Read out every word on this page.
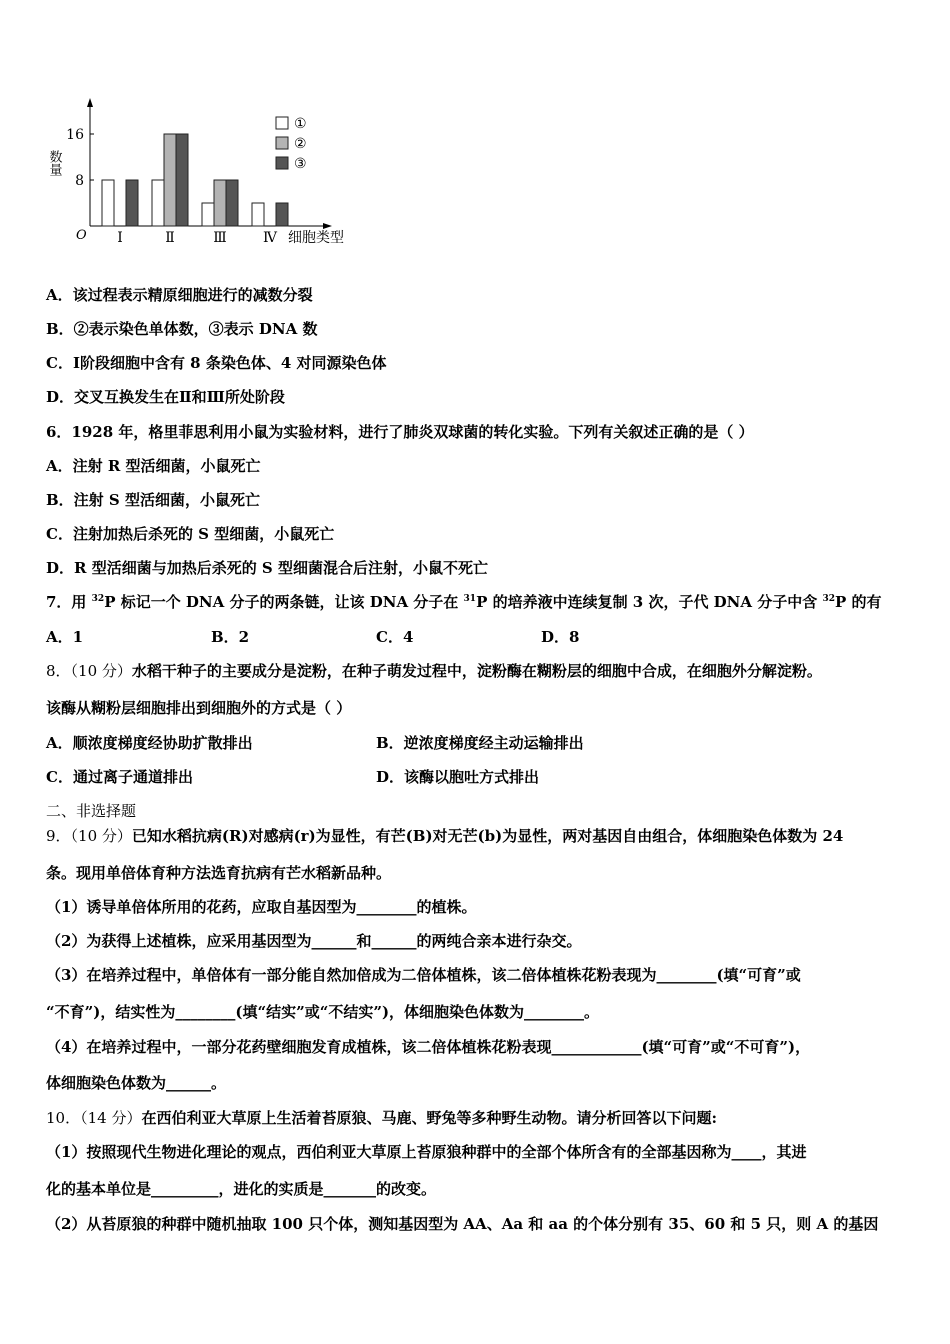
O
8
16
数量
Ⅰ	Ⅱ	Ⅲ	Ⅳ 细胞类型
①
②
③
A．该过程表示精原细胞进行的减数分裂
B．②表示染色单体数，③表示 DNA 数
C．Ⅰ阶段细胞中含有 8 条染色体、4 对同源染色体
D．交叉互换发生在Ⅱ和Ⅲ所处阶段
6．1928 年，格里菲思利用小鼠为实验材料，进行了肺炎双球菌的转化实验。下列有关叙述正确的是（ ）
A．注射 R 型活细菌，小鼠死亡
B．注射 S 型活细菌，小鼠死亡
C．注射加热后杀死的 S 型细菌，小鼠死亡
D．R 型活细菌与加热后杀死的 S 型细菌混合后注射，小鼠不死亡
7．用 $^{32}$P 标记一个 DNA 分子的两条链，让该 DNA 分子在 $^{31}$P 的培养液中连续复制 3 次，子代 DNA 分子中含 $^{32}$P 的有
A．1	B．2	C．4	D．8
8．（10 分）水稻干种子的主要成分是淀粉，在种子萌发过程中，淀粉酶在糊粉层的细胞中合成，在细胞外分解淀粉。
该酶从糊粉层细胞排出到细胞外的方式是（ ）
A．顺浓度梯度经协助扩散排出	B．逆浓度梯度经主动运输排出
C．通过离子通道排出	D．该酶以胞吐方式排出
二、非选择题
9．（10 分）已知水稻抗病(R)对感病(r)为显性，有芒(B)对无芒(b)为显性，两对基因自由组合，体细胞染色体数为 24
条。现用单倍体育种方法选育抗病有芒水稻新品种。
（1）诱导单倍体所用的花药，应取自基因型为________的植株。
（2）为获得上述植株，应采用基因型为______和______的两纯合亲本进行杂交。
（3）在培养过程中，单倍体有一部分能自然加倍成为二倍体植株，该二倍体植株花粉表现为________(填“可育”或
“不育”)，结实性为________(填“结实”或“不结实”)，体细胞染色体数为________。
（4）在培养过程中，一部分花药壁细胞发育成植株，该二倍体植株花粉表现____________(填“可育”或“不可育”)，
体细胞染色体数为______。
10．（14 分）在西伯利亚大草原上生活着苔原狼、马鹿、野兔等多种野生动物。请分析回答以下问题:
（1）按照现代生物进化理论的观点，西伯利亚大草原上苔原狼种群中的全部个体所含有的全部基因称为____，其进
化的基本单位是_________，进化的实质是_______的改变。
（2）从苔原狼的种群中随机抽取 100 只个体，测知基因型为 AA、Aa 和 aa 的个体分别有 35、60 和 5 只，则 A 的基因
